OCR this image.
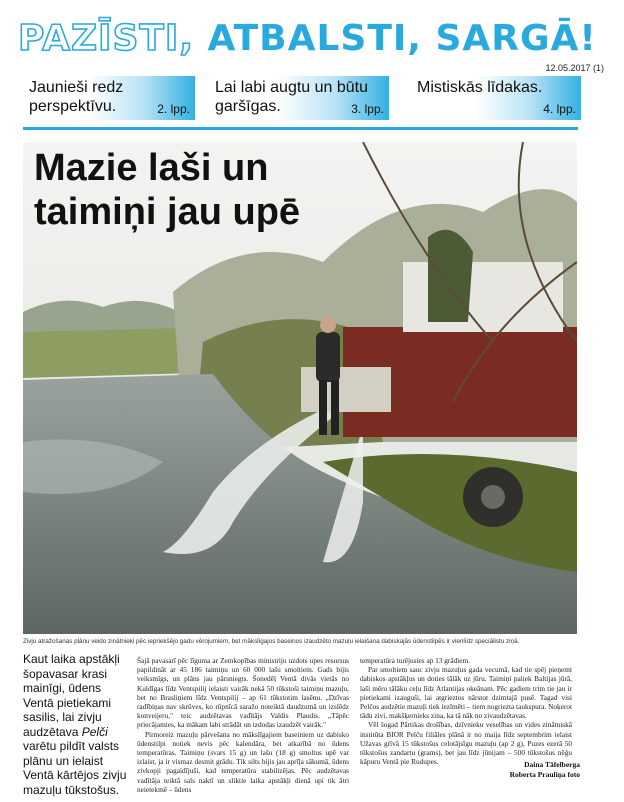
PAZĪSTI, ATBALSTI, SARGĀ!
12.05.2017 (1)
Jaunieši redz perspektīvu.	2. lpp.
Lai labi augtu un būtu garšīgas.	3. lpp.
Mistiskās līdakas.
4. lpp.
Mazie laši un taimiņi jau upē
Zivju atražošanas plānu veido zinātnieki pēc iepriekšējo gadu vērojumiem, bet mākslīgajos baseinos izaudzēto mazuļu ielaišana dabiskajās ūdenstilpēs ir vienlīdz speciālistu ziņā.
Kaut laika apstākļi šopavasar krasi mainīgi, ūdens Ventā pietiekami sasilis, lai zivju audzētava Pelči varētu pildīt valsts plānu un ielaist Ventā kārtējos zivju mazuļu tūkstošus.

Šajā pavasarī pēc līguma ar Zemkopības ministriju uzdots upes resursus papildināt ar 45 186 taimiņu un 60 000 lašu smoltiem. Gads bijis veiksmīgs, un plāns jau pārsniegts. Šonedēļ Ventā divās vietās no Kuldīgas līdz Ventspilij ielaisti vairāk nekā 50 tūkstoši taimiņu mazuļu, bet no Brasliņiem līdz Ventspilij – ap 61 tūkstotim lasēnu. „Dzīvas radībiņas nav skrūves, ko rūpnīcā saražo noteiktā daudzumā un izslēdz konveijeru," teic audzētavas vadītājs Valdis Plaudis. „Tāpēc priecājamies, ka mākam labi strādāt un izdodas izaudzēt vairāk."

Pirmoreiz mazuļu pārvešana no mākslīgajiem baseiniem uz dabisko ūdenstilpi notiek nevis pēc kalendāra, bet atkarībā no ūdens temperatūras. Taimiņu (svars 15 g) un lašu (18 g) smoltus upē var izlaist, ja ir vismaz desmit grādu. Tik silts bijis jau aprīļa sākumā, ūdens zivkopji pagaidījuši, kad temperatūra stabilizējas. Pēc audzētavas vadītāja teiktā sals naktī un sliktie laika apstākļi dienā upi tik ātri neietekmē – ūdens

temperatūra turējusies ap 13 grādiem.

Par smoltiem sauc zivju mazuļus gada vecumā, kad tie spēj pieņemt dabiskos apstākļus un doties tālāk uz jūru. Taimiņi paliek Baltijas jūrā, laši mēro tālāku ceļu līdz Atlantijas okeānam. Pēc gadiem trim tie jau ir pietiekami izauguši, lai atgrieztos nārstot dzimtajā pusē. Tagad visi Pelčos audzētie mazuļi tiek iezīmēti – tiem nogriezta taukspura. Noķerot tādu zivi, makšķernieks zina, ka tā nāk no zivaudzētavas.

Vēl šogad Pārtikas drošības, dzīvnieku veselības un vides zinātniskā institūta BIOR Pelču filiāles plānā ir no maija līdz septembrim ielaist Užavas grīvā 15 tūkstošus celotājsīgu mazuļu (ap 2 g), Puzes ezerā 50 tūkstošus zandartu (grams), bet jau līdz jūnijam – 500 tūkstošus nēģu kāpuru Ventā pie Rudupes.	Daina Tāfelberga
Roberta Prauliņa foto
